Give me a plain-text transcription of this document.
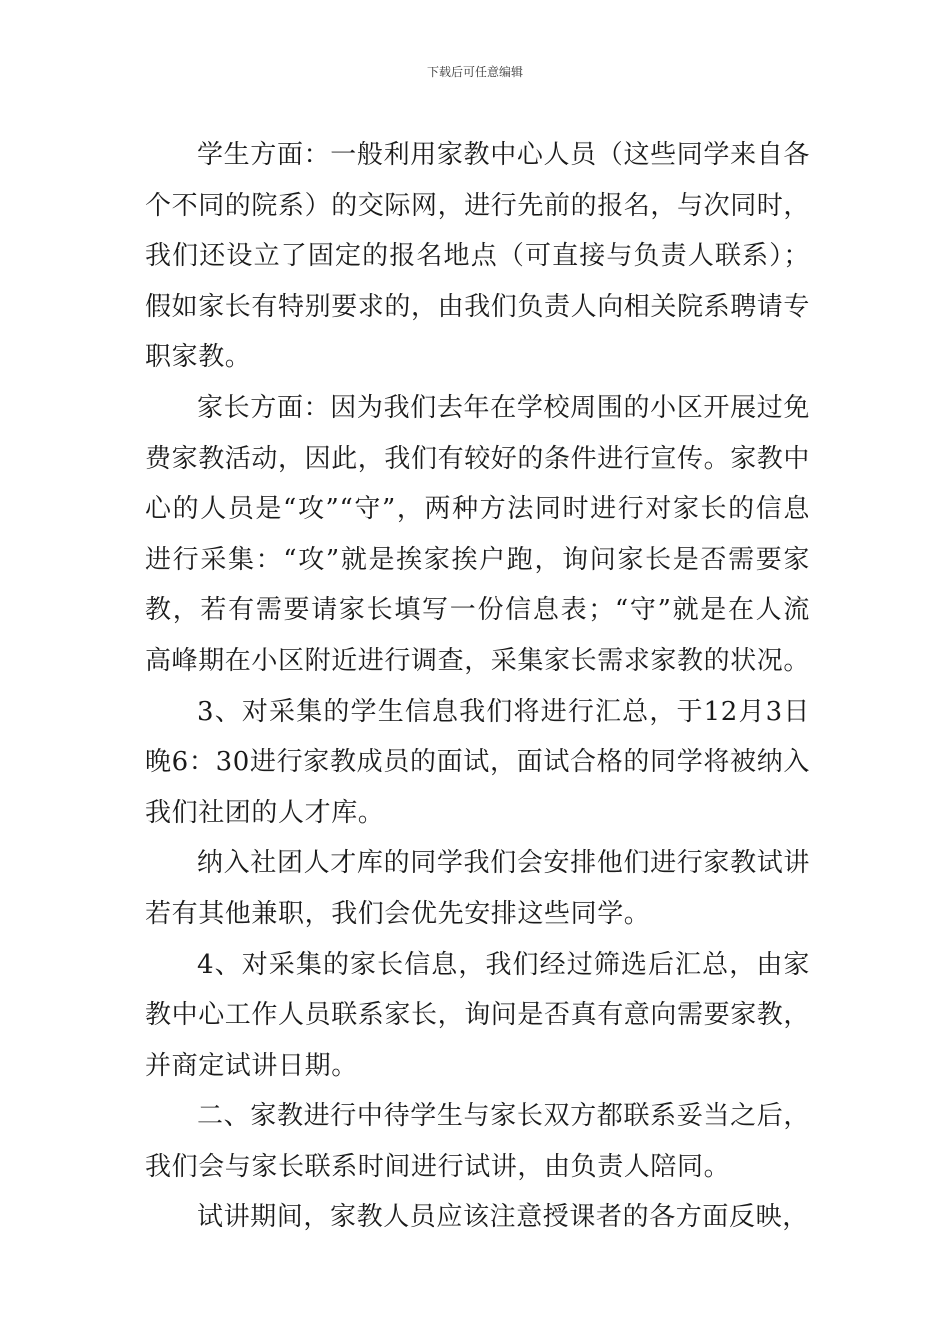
下载后可任意编辑

学生方面：一般利用家教中心人员（这些同学来自各个不同的院系）的交际网，进行先前的报名，与次同时，我们还设立了固定的报名地点（可直接与负责人联系）；假如家长有特别要求的，由我们负责人向相关院系聘请专职家教。

家长方面：因为我们去年在学校周围的小区开展过免费家教活动，因此，我们有较好的条件进行宣传。家教中心的人员是“攻”“守”，两种方法同时进行对家长的信息进行采集：“攻”就是挨家挨户跑，询问家长是否需要家教，若有需要请家长填写一份信息表；“守”就是在人流高峰期在小区附近进行调查，采集家长需求家教的状况。

3、对采集的学生信息我们将进行汇总，于12月3日晚6：30进行家教成员的面试，面试合格的同学将被纳入我们社团的人才库。

纳入社团人才库的同学我们会安排他们进行家教试讲若有其他兼职，我们会优先安排这些同学。

4、对采集的家长信息，我们经过筛选后汇总，由家教中心工作人员联系家长，询问是否真有意向需要家教，并商定试讲日期。

二、家教进行中待学生与家长双方都联系妥当之后，我们会与家长联系时间进行试讲，由负责人陪同。

试讲期间，家教人员应该注意授课者的各方面反映，
